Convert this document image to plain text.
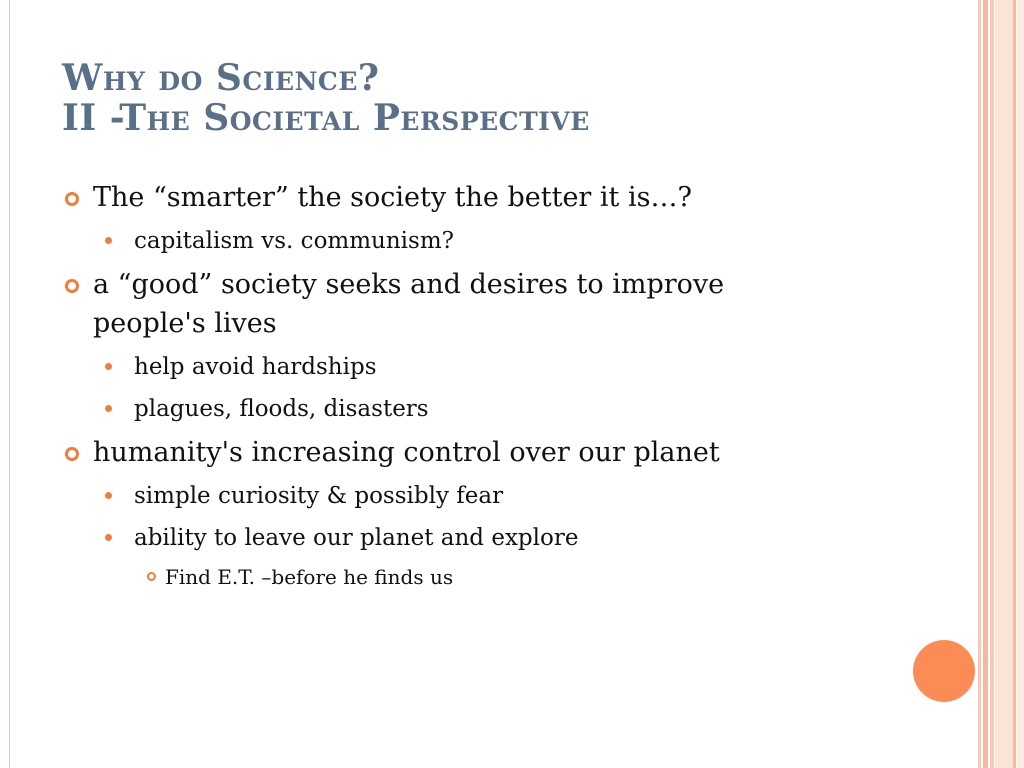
Why do Science?
II -The Societal Perspective
The “smarter” the society the better it is…?
capitalism vs. communism?
a “good” society seeks and desires to improve people's lives
help avoid hardships
plagues, floods, disasters
humanity's increasing control over our planet
simple curiosity & possibly fear
ability to leave our planet and explore
Find E.T. –before he finds us
